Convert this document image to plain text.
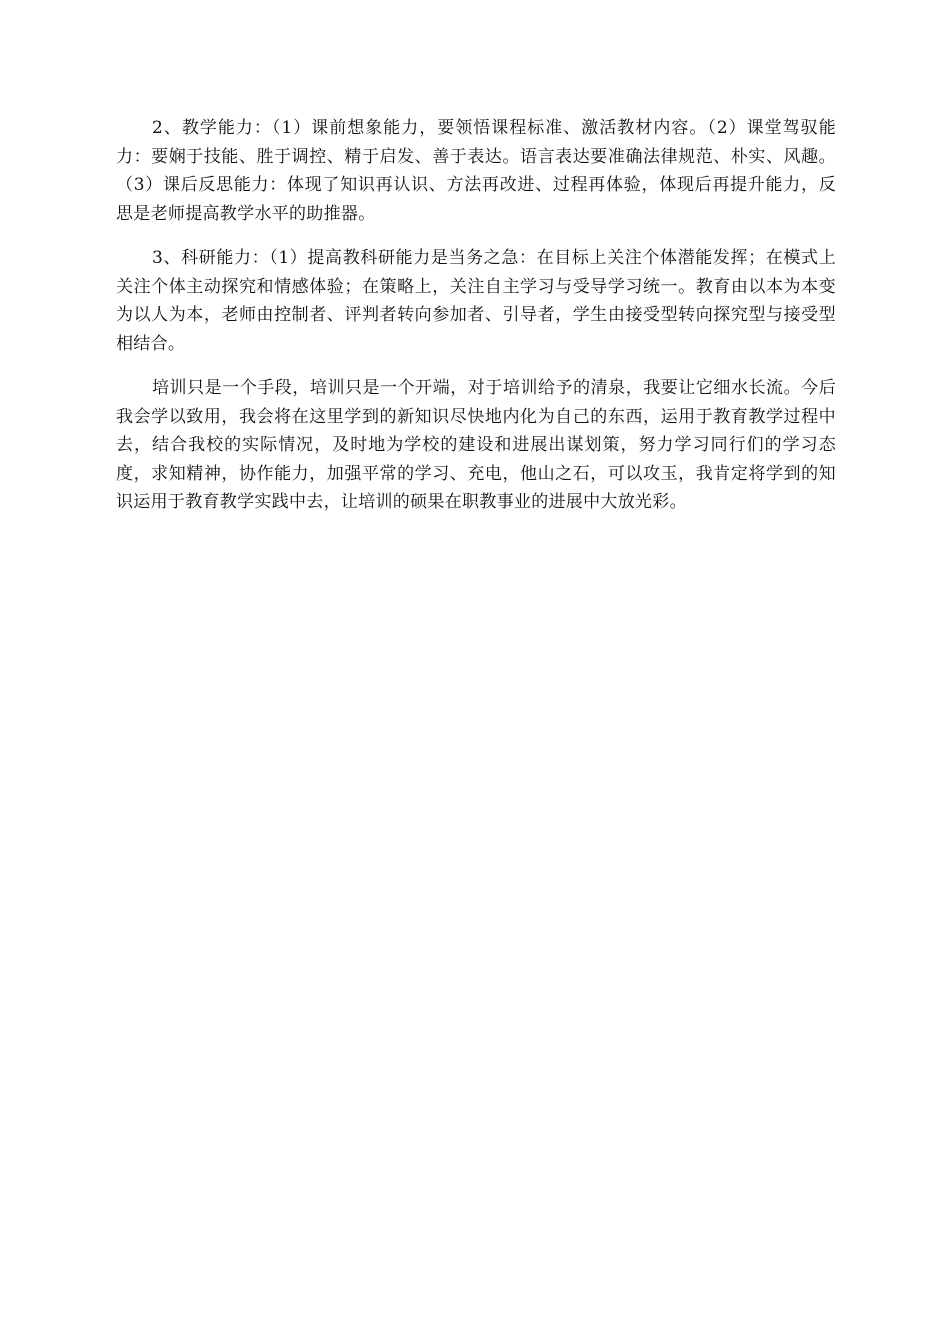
2、教学能力：（1）课前想象能力，要领悟课程标准、激活教材内容。（2）课堂驾驭能力：要娴于技能、胜于调控、精于启发、善于表达。语言表达要准确法律规范、朴实、风趣。（3）课后反思能力：体现了知识再认识、方法再改进、过程再体验，体现后再提升能力，反思是老师提高教学水平的助推器。

3、科研能力：（1）提高教科研能力是当务之急：在目标上关注个体潜能发挥；在模式上关注个体主动探究和情感体验；在策略上，关注自主学习与受导学习统一。教育由以本为本变为以人为本，老师由控制者、评判者转向参加者、引导者，学生由接受型转向探究型与接受型相结合。

培训只是一个手段，培训只是一个开端，对于培训给予的清泉，我要让它细水长流。今后我会学以致用，我会将在这里学到的新知识尽快地内化为自己的东西，运用于教育教学过程中去，结合我校的实际情况，及时地为学校的建设和进展出谋划策，努力学习同行们的学习态度，求知精神，协作能力，加强平常的学习、充电，他山之石，可以攻玉，我肯定将学到的知识运用于教育教学实践中去，让培训的硕果在职教事业的进展中大放光彩。
